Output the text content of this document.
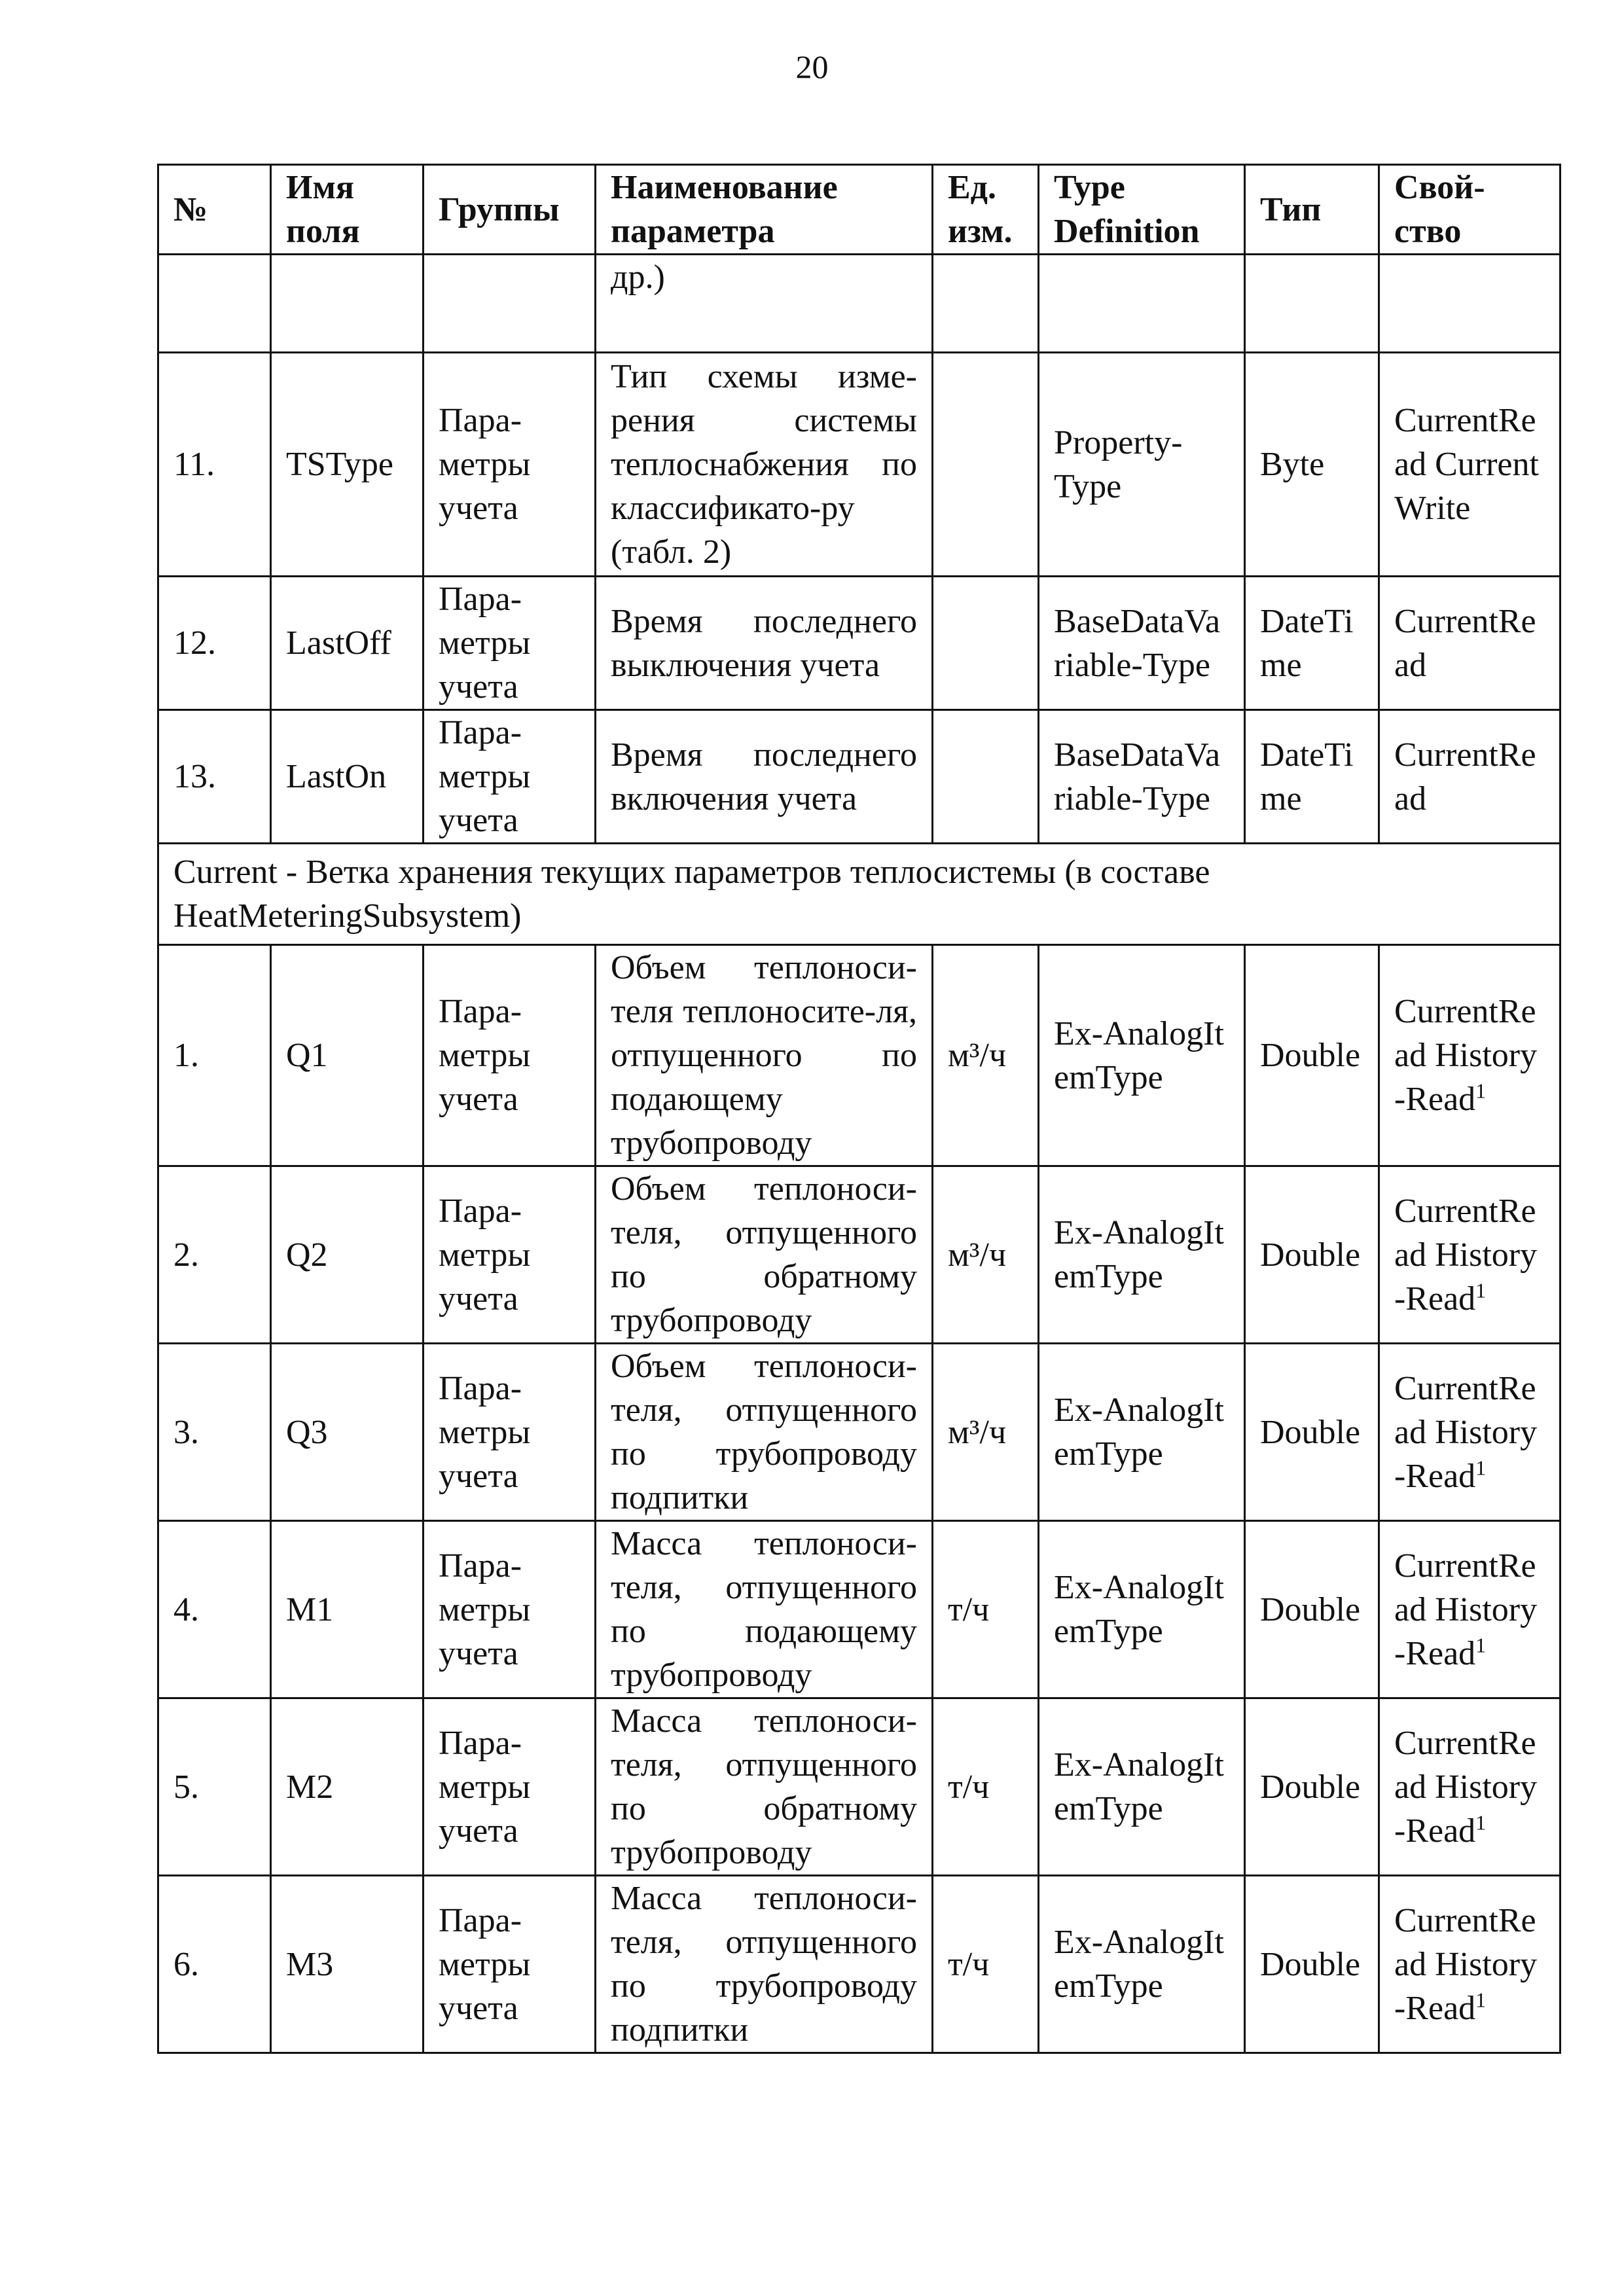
20
№	Имя поля	Группы	Наименование параметра	Ед. изм.	Type Definition	Тип	Свой-ство
			др.)				
11.	TSType	Пара-метры учета	Тип схемы изме-рения системы теплоснабжения по классификато-ру (табл. 2)		Property-Type	Byte	CurrentRead Current Write
12.	LastOff	Пара-метры учета	Время последнего выключения учета		BaseDataVariable-Type	DateTime	CurrentRead
13.	LastOn	Пара-метры учета	Время последнего включения учета		BaseDataVariable-Type	DateTime	CurrentRead
Current - Ветка хранения текущих параметров теплосистемы (в составе HeatMeteringSubsystem)							
1.	Q1	Пара-метры учета	Объем теплоноси-теля теплоносите-ля, отпущенного по подающему трубопроводу	м³/ч	Ex-AnalogItemType	Double	CurrentRead History-Read$^1$
2.	Q2	Пара-метры учета	Объем теплоноси-теля, отпущенного по обратному трубопроводу	м³/ч	Ex-AnalogItemType	Double	CurrentRead History-Read$^1$
3.	Q3	Пара-метры учета	Объем теплоноси-теля, отпущенного по трубопроводу подпитки	м³/ч	Ex-AnalogItemType	Double	CurrentRead History-Read$^1$
4.	M1	Пара-метры учета	Масса теплоноси-теля, отпущенного по подающему трубопроводу	т/ч	Ex-AnalogItemType	Double	CurrentRead History-Read$^1$
5.	M2	Пара-метры учета	Масса теплоноси-теля, отпущенного по обратному трубопроводу	т/ч	Ex-AnalogItemType	Double	CurrentRead History-Read$^1$
6.	M3	Пара-метры учета	Масса теплоноси-теля, отпущенного по трубопроводу подпитки	т/ч	Ex-AnalogItemType	Double	CurrentRead History-Read$^1$
